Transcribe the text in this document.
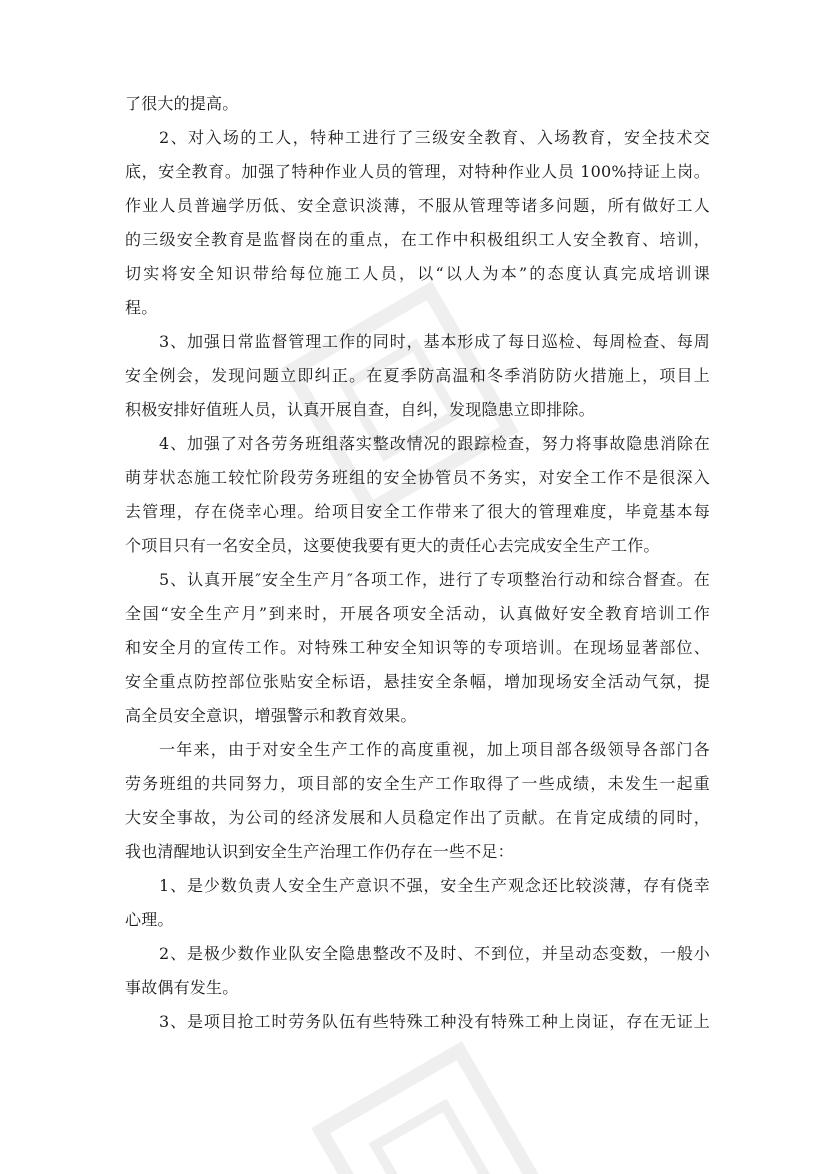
了很大的提高。
2、对入场的工人，特种工进行了三级安全教育、入场教育，安全技术交
底，安全教育。加强了特种作业人员的管理，对特种作业人员 100%持证上岗。
作业人员普遍学历低、安全意识淡薄，不服从管理等诸多问题，所有做好工人
的三级安全教育是监督岗在的重点，在工作中积极组织工人安全教育、培训，
切实将安全知识带给每位施工人员，以“以人为本”的态度认真完成培训课
程。
3、加强日常监督管理工作的同时，基本形成了每日巡检、每周检查、每周
安全例会，发现问题立即纠正。在夏季防高温和冬季消防防火措施上，项目上
积极安排好值班人员，认真开展自查，自纠，发现隐患立即排除。
4、加强了对各劳务班组落实整改情况的跟踪检查，努力将事故隐患消除在
萌芽状态施工较忙阶段劳务班组的安全协管员不务实，对安全工作不是很深入
去管理，存在侥幸心理。给项目安全工作带来了很大的管理难度，毕竟基本每
个项目只有一名安全员，这要使我要有更大的责任心去完成安全生产工作。
5、认真开展″安全生产月″各项工作，进行了专项整治行动和综合督查。在
全国“安全生产月”到来时，开展各项安全活动，认真做好安全教育培训工作
和安全月的宣传工作。对特殊工种安全知识等的专项培训。在现场显著部位、
安全重点防控部位张贴安全标语，悬挂安全条幅，增加现场安全活动气氛，提
高全员安全意识，增强警示和教育效果。
一年来，由于对安全生产工作的高度重视，加上项目部各级领导各部门各
劳务班组的共同努力，项目部的安全生产工作取得了一些成绩，未发生一起重
大安全事故，为公司的经济发展和人员稳定作出了贡献。在肯定成绩的同时，
我也清醒地认识到安全生产治理工作仍存在一些不足：
1、是少数负责人安全生产意识不强，安全生产观念还比较淡薄，存有侥幸
心理。
2、是极少数作业队安全隐患整改不及时、不到位，并呈动态变数，一般小
事故偶有发生。
3、是项目抢工时劳务队伍有些特殊工种没有特殊工种上岗证，存在无证上
